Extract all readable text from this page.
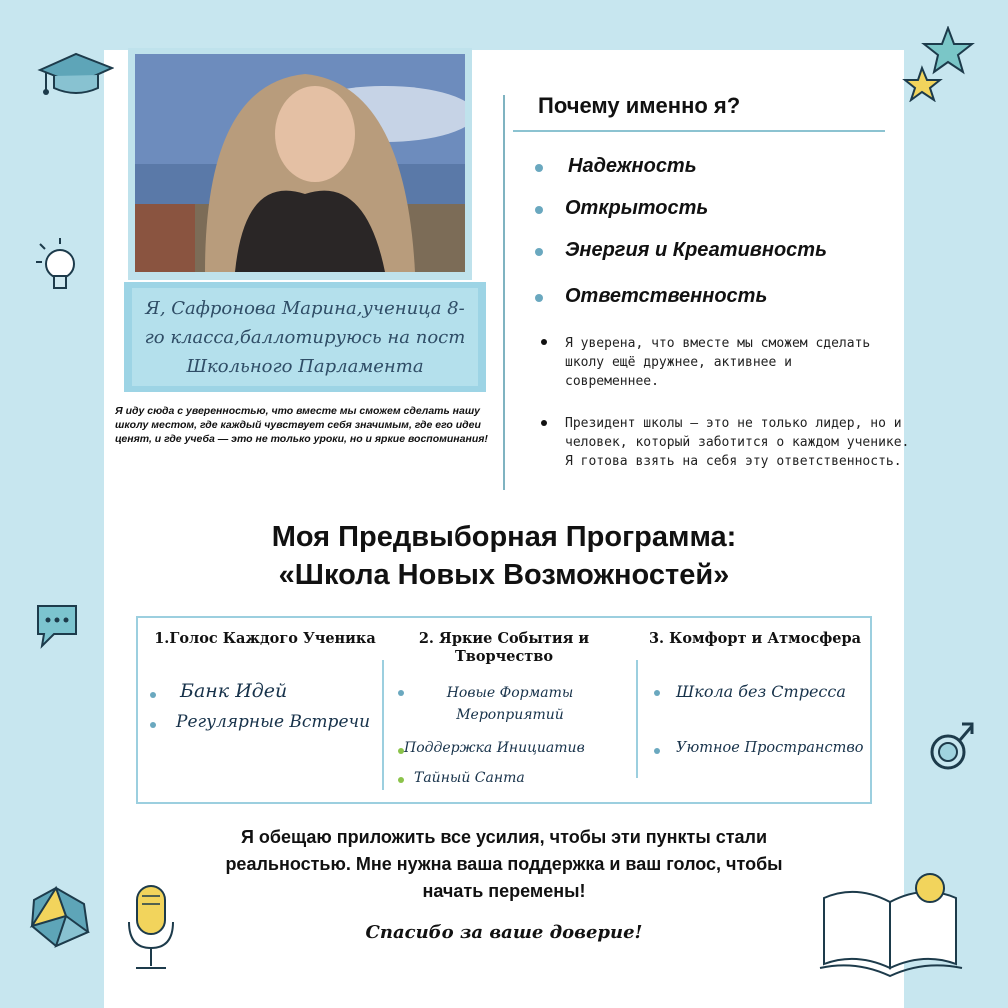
Я, Сафронова Марина,ученица 8-го класса,баллотируюсь на пост Школьного Парламента
Я иду сюда с уверенностью, что вместе мы сможем сделать нашу школу местом, где каждый чувствует себя значимым, где его идеи ценят, и где учеба — это не только уроки, но и яркие воспоминания!
Почему именно я?
Надежность
Открытость
Энергия и Креативность
Ответственность
Я уверена, что вместе мы сможем сделать школу ещё дружнее, активнее и современнее.
Президент школы — это не только лидер, но и человек, который заботится о каждом ученике. Я готова взять на себя эту ответственность.
Моя Предвыборная Программа:
«Школа Новых Возможностей»
1.Голос Каждого Ученика	2. Яркие События и Творчество
3. Комфорт и Атмосфера
Банк Идей
Регулярные Встречи
Новые Форматы Мероприятий
Поддержка Инициатив
Тайный Санта
Школа без Стресса
Уютное Пространство
Я обещаю приложить все усилия, чтобы эти пункты стали реальностью. Мне нужна ваша поддержка и ваш голос, чтобы начать перемены!
Спасибо за ваше доверие!
